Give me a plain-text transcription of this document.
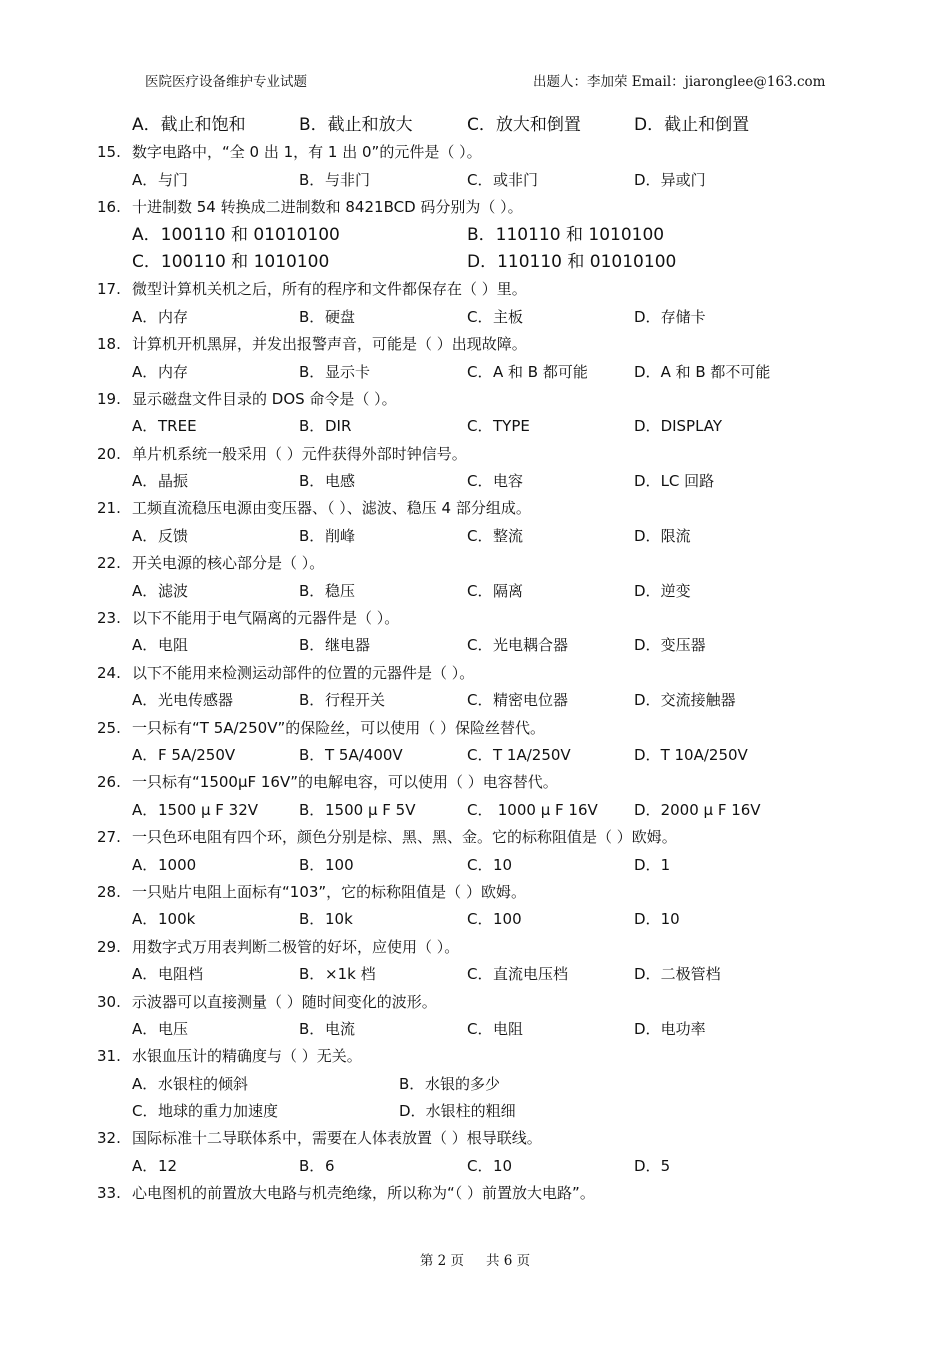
医院医疗设备维护专业试题	出题人：李加荣 Email：jiaronglee@163.com
A．截止和饱和	B．截止和放大	C．放大和倒置	D．截止和倒置
15. 数字电路中，“全 0 出 1，有 1 出 0”的元件是（ ）。
A．与门	B．与非门	C．或非门	D．异或门
16. 十进制数 54 转换成二进制数和 8421BCD 码分别为（ ）。
A．100110 和 01010100	B．110110 和 1010100
C．100110 和 1010100	D．110110 和 01010100
17. 微型计算机关机之后，所有的程序和文件都保存在（ ）里。
A．内存	B．硬盘	C．主板	D．存储卡
18. 计算机开机黑屏，并发出报警声音，可能是（ ）出现故障。
A．内存	B．显示卡	C．A 和 B 都可能	D．A 和 B 都不可能
19. 显示磁盘文件目录的 DOS 命令是（ ）。
A．TREE	B．DIR	C．TYPE	D．DISPLAY
20. 单片机系统一般采用（ ）元件获得外部时钟信号。
A．晶振	B．电感	C．电容	D．LC 回路
21. 工频直流稳压电源由变压器、（ ）、滤波、稳压 4 部分组成。
A．反馈	B．削峰	C．整流	D．限流
22. 开关电源的核心部分是（ ）。
A．滤波	B．稳压	C．隔离	D．逆变
23. 以下不能用于电气隔离的元器件是（ ）。
A．电阻	B．继电器	C．光电耦合器	D．变压器
24. 以下不能用来检测运动部件的位置的元器件是（ ）。
A．光电传感器	B．行程开关	C．精密电位器	D．交流接触器
25. 一只标有“T 5A/250V”的保险丝，可以使用（ ）保险丝替代。
A．F 5A/250V	B．T 5A/400V	C．T 1A/250V	D．T 10A/250V
26. 一只标有“1500μF 16V”的电解电容，可以使用（ ）电容替代。
A．1500 μ F 32V	B．1500 μ F 5V	C． 1000 μ F 16V D．2000 μ F 16V
27. 一只色环电阻有四个环，颜色分别是棕、黑、黑、金。它的标称阻值是（ ）欧姆。
A．1000	B．100	C．10	D．1
28. 一只贴片电阻上面标有“103”，它的标称阻值是（ ）欧姆。
A．100k	B．10k	C．100	D．10
29. 用数字式万用表判断二极管的好坏，应使用（ ）。
A．电阻档	B．×1k 档	C．直流电压档	D．二极管档
30. 示波器可以直接测量（ ）随时间变化的波形。
A．电压	B．电流	C．电阻	D．电功率
31. 水银血压计的精确度与（ ）无关。
A．水银柱的倾斜	B．水银的多少
C．地球的重力加速度	D．水银柱的粗细
32. 国际标准十二导联体系中，需要在人体表放置（ ）根导联线。
A．12	B．6	C．10	D．5
33. 心电图机的前置放大电路与机壳绝缘，所以称为“（ ）前置放大电路”。
第 2 页 共 6 页
